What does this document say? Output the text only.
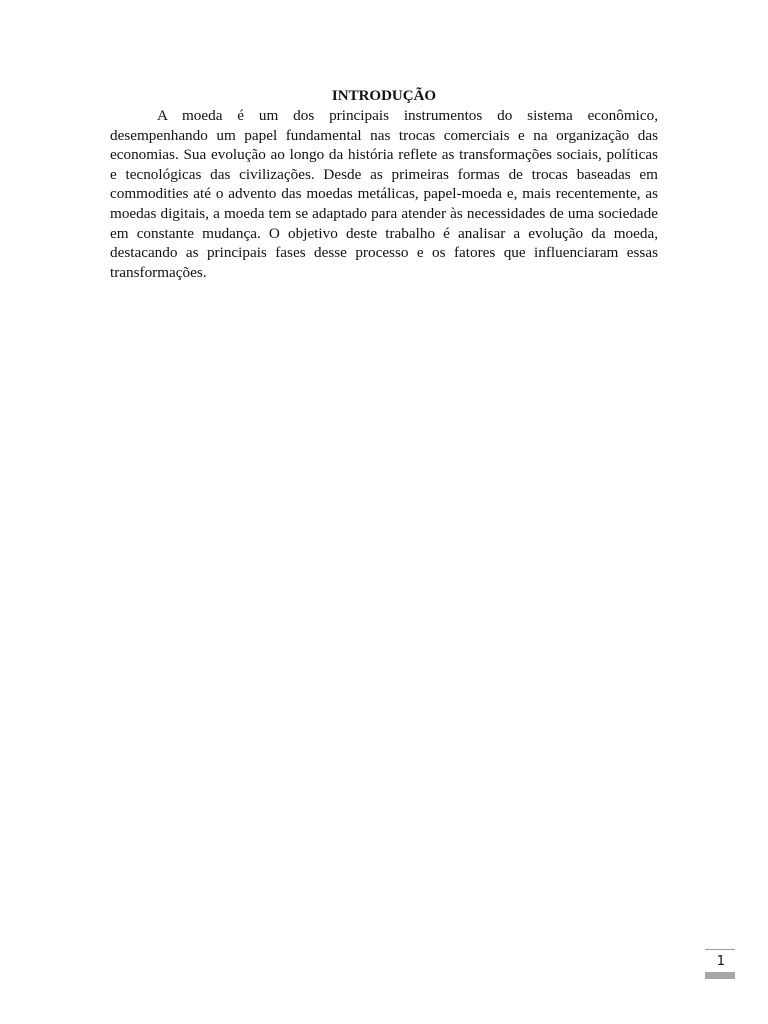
INTRODUÇÃO

A moeda é um dos principais instrumentos do sistema econômico, desempenhando um papel fundamental nas trocas comerciais e na organização das economias. Sua evolução ao longo da história reflete as transformações sociais, políticas e tecnológicas das civilizações. Desde as primeiras formas de trocas baseadas em commodities até o advento das moedas metálicas, papel-moeda e, mais recentemente, as moedas digitais, a moeda tem se adaptado para atender às necessidades de uma sociedade em constante mudança. O objetivo deste trabalho é analisar a evolução da moeda, destacando as principais fases desse processo e os fatores que influenciaram essas transformações.

1
